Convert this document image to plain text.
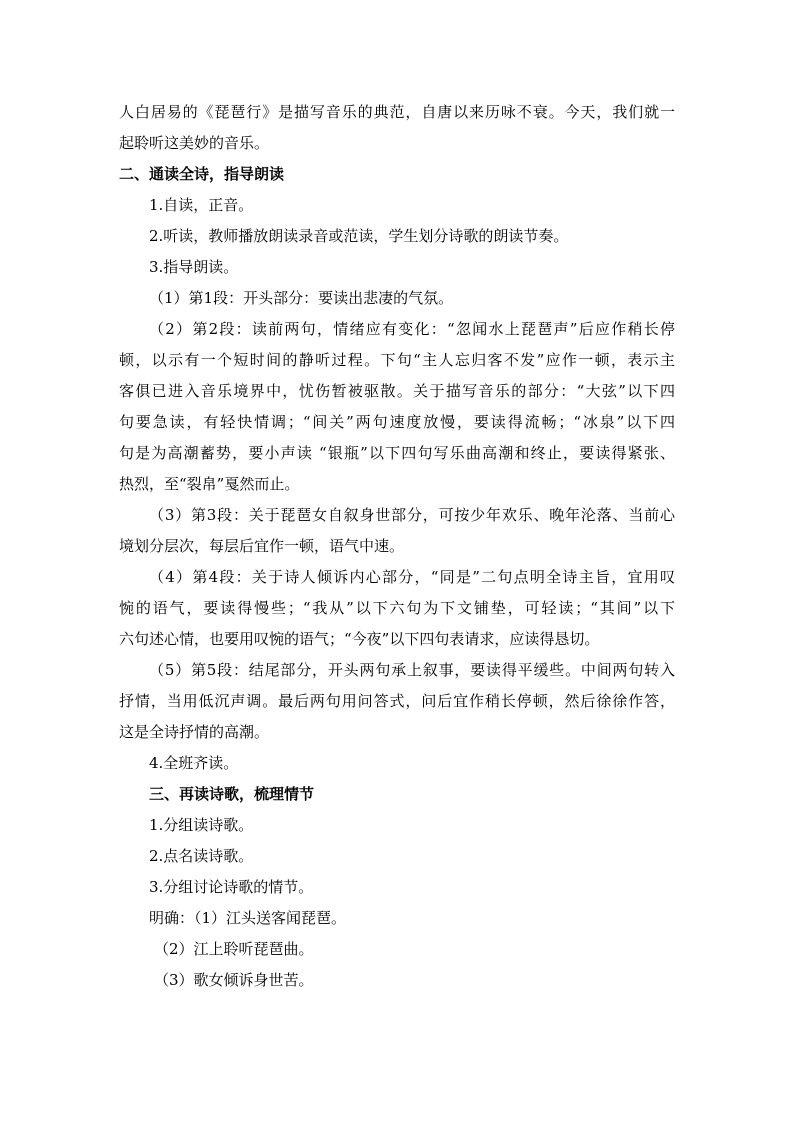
人白居易的《琵琶行》是描写音乐的典范，自唐以来历咏不衰。今天，我们就一
起聆听这美妙的音乐。
二、通读全诗，指导朗读
1.自读，正音。
2.听读，教师播放朗读录音或范读，学生划分诗歌的朗读节奏。
3.指导朗读。
（1）第1段：开头部分：要读出悲凄的气氛。
（2）第2段：读前两句，情绪应有变化：“忽闻水上琵琶声”后应作稍长停
顿，以示有一个短时间的静听过程。下句“主人忘归客不发”应作一顿，表示主
客俱已进入音乐境界中，忧伤暂被驱散。关于描写音乐的部分：“大弦”以下四
句要急读，有轻快情调；“间关”两句速度放慢，要读得流畅；“冰泉”以下四
句是为高潮蓄势，要小声读 “银瓶”以下四句写乐曲高潮和终止，要读得紧张、
热烈，至“裂帛”戛然而止。
（3）第3段：关于琵琶女自叙身世部分，可按少年欢乐、晚年沦落、当前心
境划分层次，每层后宜作一顿，语气中速。
（4）第4段：关于诗人倾诉内心部分，“同是”二句点明全诗主旨，宜用叹
惋的语气，要读得慢些；“我从”以下六句为下文铺垫，可轻读；“其间”以下
六句述心情，也要用叹惋的语气；“今夜”以下四句表请求，应读得恳切。
（5）第5段：结尾部分，开头两句承上叙事，要读得平缓些。中间两句转入
抒情，当用低沉声调。最后两句用问答式，问后宜作稍长停顿，然后徐徐作答，
这是全诗抒情的高潮。
4.全班齐读。
三、再读诗歌，梳理情节
1.分组读诗歌。
2.点名读诗歌。
3.分组讨论诗歌的情节。
明确：（1）江头送客闻琵琶。
（2）江上聆听琵琶曲。
（3）歌女倾诉身世苦。
